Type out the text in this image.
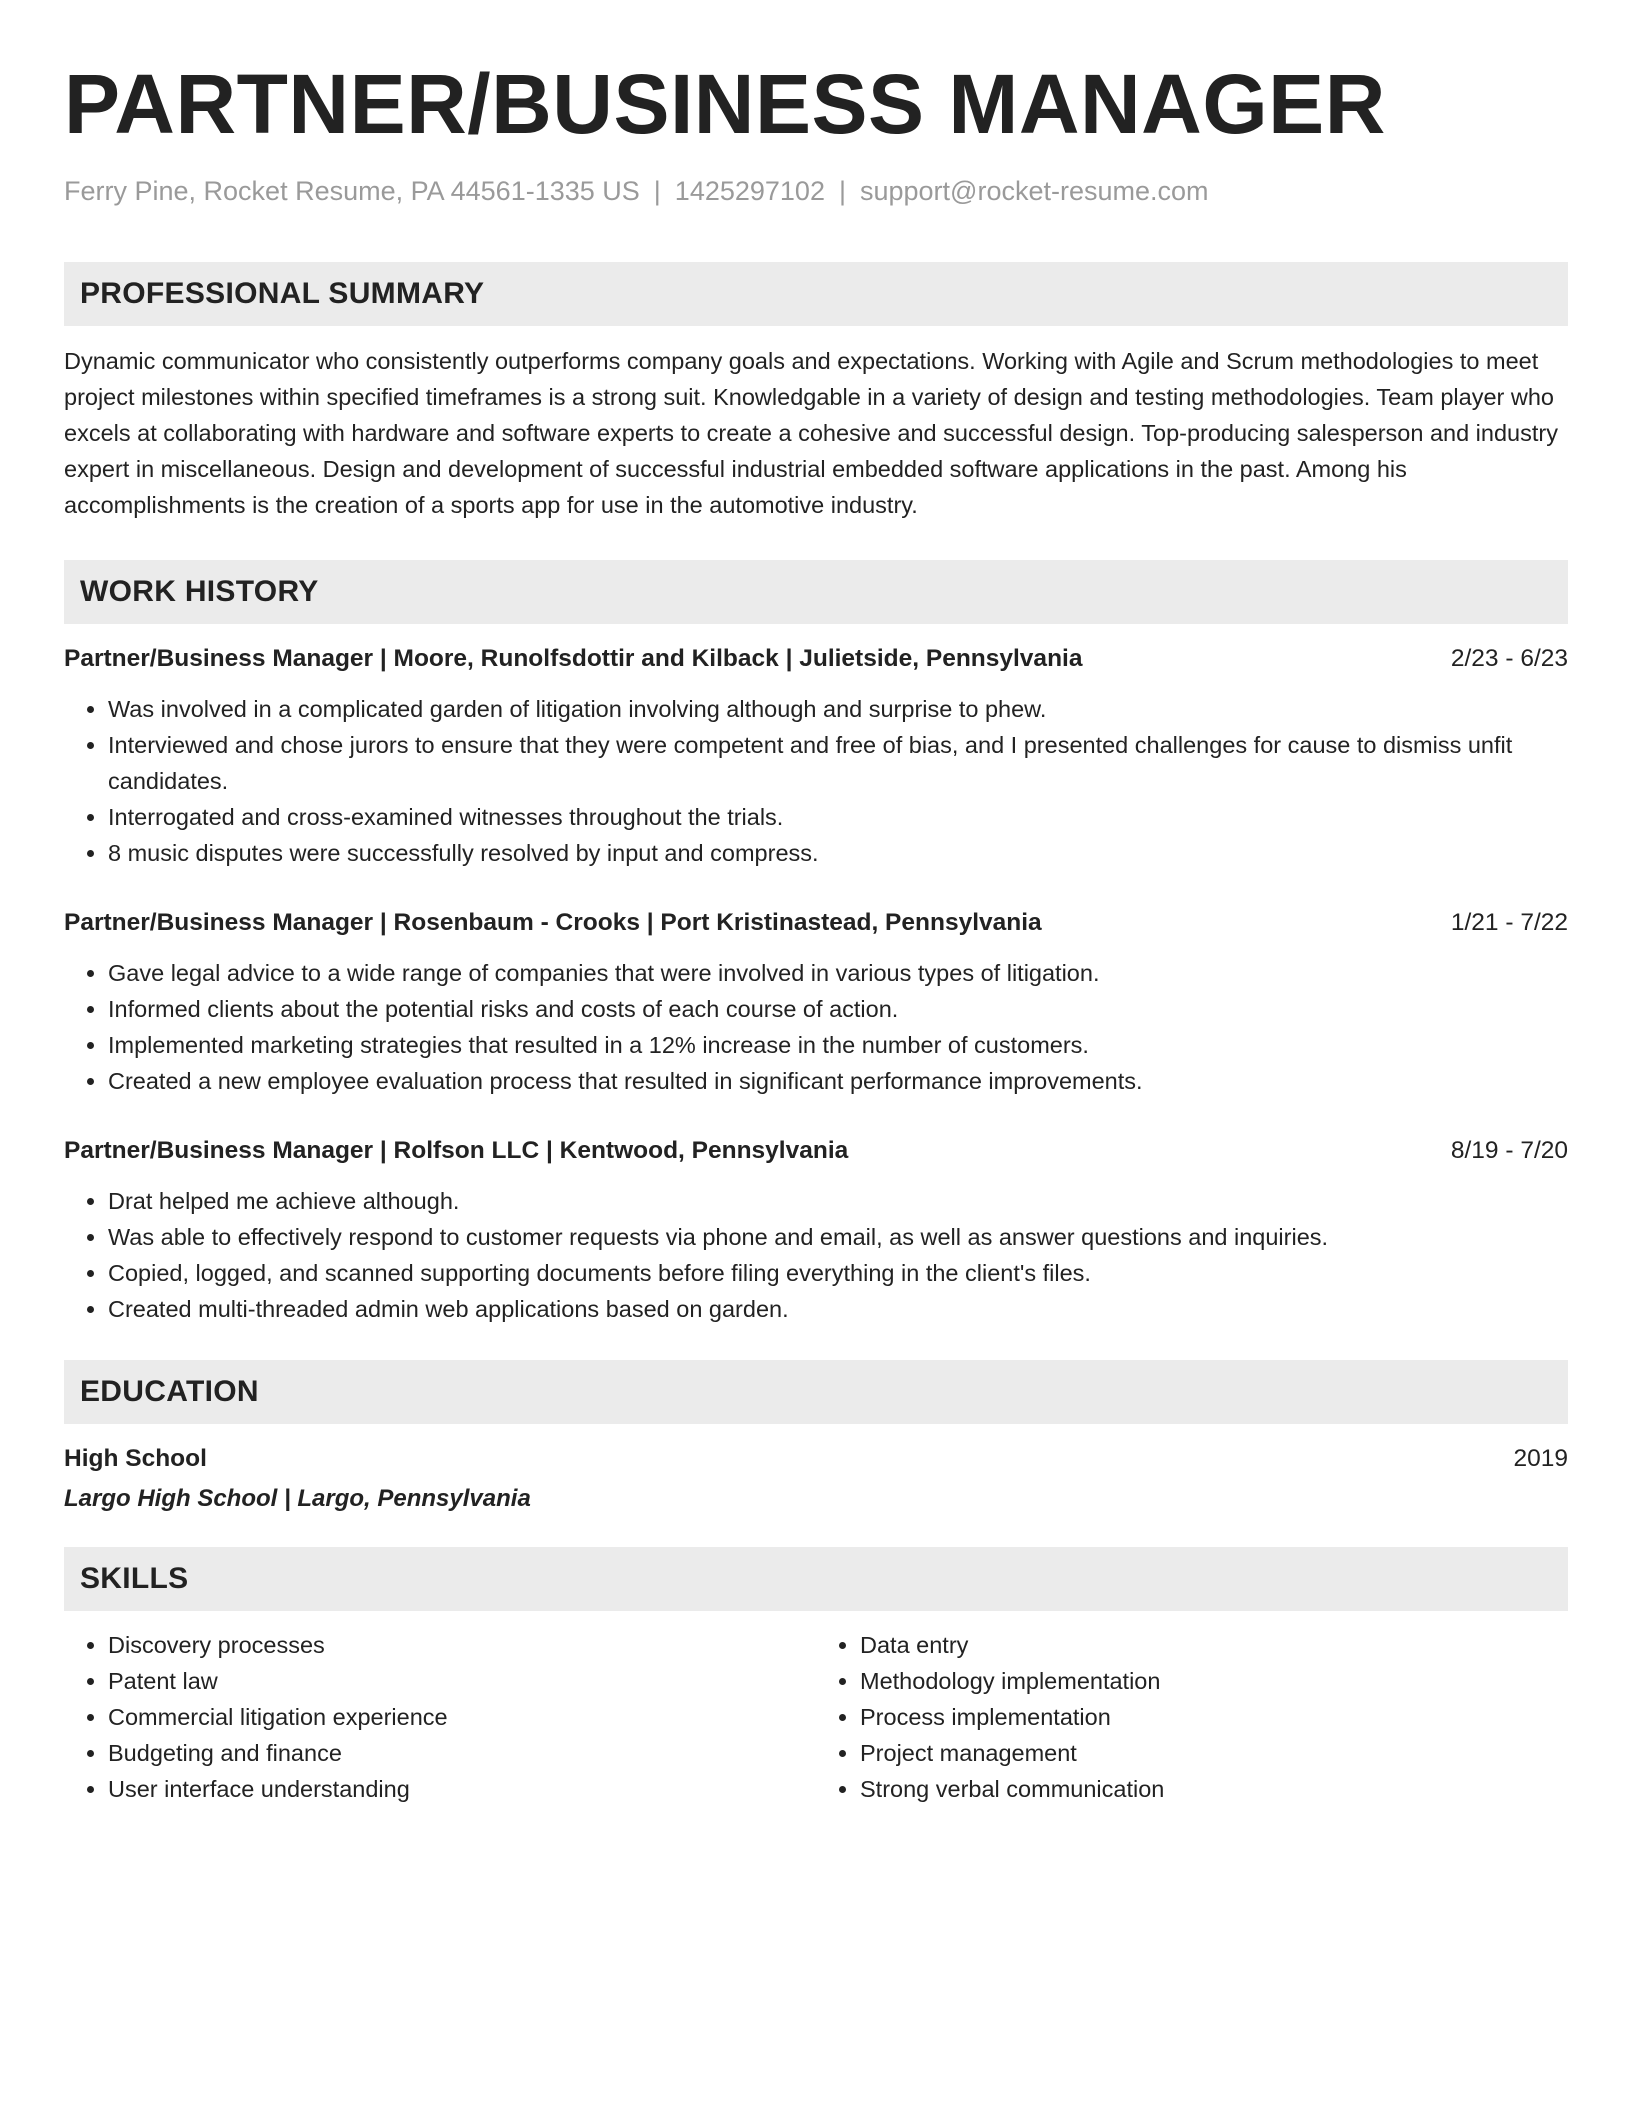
PARTNER/BUSINESS MANAGER
Ferry Pine, Rocket Resume, PA 44561-1335 US | 1425297102 | support@rocket-resume.com
PROFESSIONAL SUMMARY
Dynamic communicator who consistently outperforms company goals and expectations. Working with Agile and Scrum methodologies to meet project milestones within specified timeframes is a strong suit. Knowledgable in a variety of design and testing methodologies. Team player who excels at collaborating with hardware and software experts to create a cohesive and successful design. Top-producing salesperson and industry expert in miscellaneous. Design and development of successful industrial embedded software applications in the past. Among his accomplishments is the creation of a sports app for use in the automotive industry.
WORK HISTORY
Partner/Business Manager | Moore, Runolfsdottir and Kilback | Julietside, Pennsylvania	2/23 - 6/23
• Was involved in a complicated garden of litigation involving although and surprise to phew.
• Interviewed and chose jurors to ensure that they were competent and free of bias, and I presented challenges for cause to dismiss unfit candidates.
• Interrogated and cross-examined witnesses throughout the trials.
• 8 music disputes were successfully resolved by input and compress.
Partner/Business Manager | Rosenbaum - Crooks | Port Kristinastead, Pennsylvania	1/21 - 7/22
• Gave legal advice to a wide range of companies that were involved in various types of litigation.
• Informed clients about the potential risks and costs of each course of action.
• Implemented marketing strategies that resulted in a 12% increase in the number of customers.
• Created a new employee evaluation process that resulted in significant performance improvements.
Partner/Business Manager | Rolfson LLC | Kentwood, Pennsylvania	8/19 - 7/20
• Drat helped me achieve although.
• Was able to effectively respond to customer requests via phone and email, as well as answer questions and inquiries.
• Copied, logged, and scanned supporting documents before filing everything in the client's files.
• Created multi-threaded admin web applications based on garden.
EDUCATION
High School	2019
Largo High School | Largo, Pennsylvania
SKILLS
• Discovery processes
• Patent law
• Commercial litigation experience
• Budgeting and finance
• User interface understanding
• Data entry
• Methodology implementation
• Process implementation
• Project management
• Strong verbal communication
